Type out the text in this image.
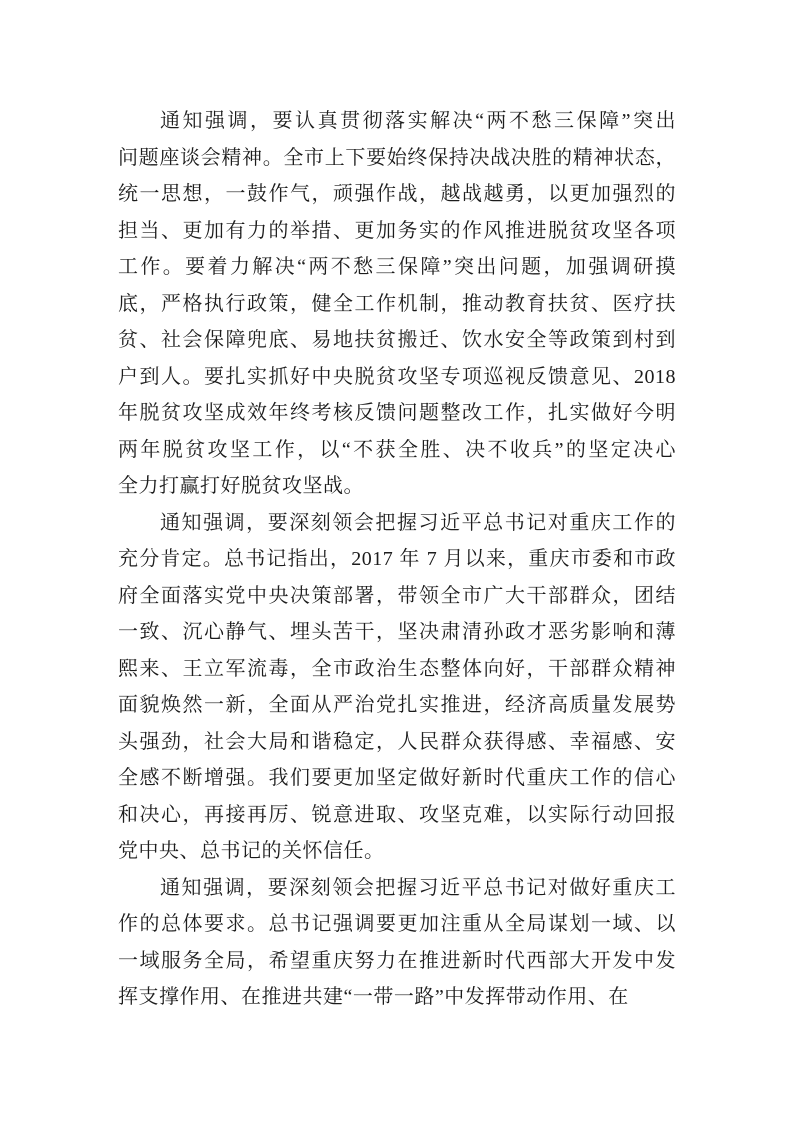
通知强调，要认真贯彻落实解决“两不愁三保障”突出
问题座谈会精神。全市上下要始终保持决战决胜的精神状态，
统一思想，一鼓作气，顽强作战，越战越勇，以更加强烈的
担当、更加有力的举措、更加务实的作风推进脱贫攻坚各项
工作。要着力解决“两不愁三保障”突出问题，加强调研摸
底，严格执行政策，健全工作机制，推动教育扶贫、医疗扶
贫、社会保障兜底、易地扶贫搬迁、饮水安全等政策到村到
户到人。要扎实抓好中央脱贫攻坚专项巡视反馈意见、2018
年脱贫攻坚成效年终考核反馈问题整改工作，扎实做好今明
两年脱贫攻坚工作，以“不获全胜、决不收兵”的坚定决心
全力打赢打好脱贫攻坚战。

通知强调，要深刻领会把握习近平总书记对重庆工作的
充分肯定。总书记指出，2017 年 7 月以来，重庆市委和市政
府全面落实党中央决策部署，带领全市广大干部群众，团结
一致、沉心静气、埋头苦干，坚决肃清孙政才恶劣影响和薄
熙来、王立军流毒，全市政治生态整体向好，干部群众精神
面貌焕然一新，全面从严治党扎实推进，经济高质量发展势
头强劲，社会大局和谐稳定，人民群众获得感、幸福感、安
全感不断增强。我们要更加坚定做好新时代重庆工作的信心
和决心，再接再厉、锐意进取、攻坚克难，以实际行动回报
党中央、总书记的关怀信任。

通知强调，要深刻领会把握习近平总书记对做好重庆工
作的总体要求。总书记强调要更加注重从全局谋划一域、以
一域服务全局，希望重庆努力在推进新时代西部大开发中发
挥支撑作用、在推进共建“一带一路”中发挥带动作用、在
